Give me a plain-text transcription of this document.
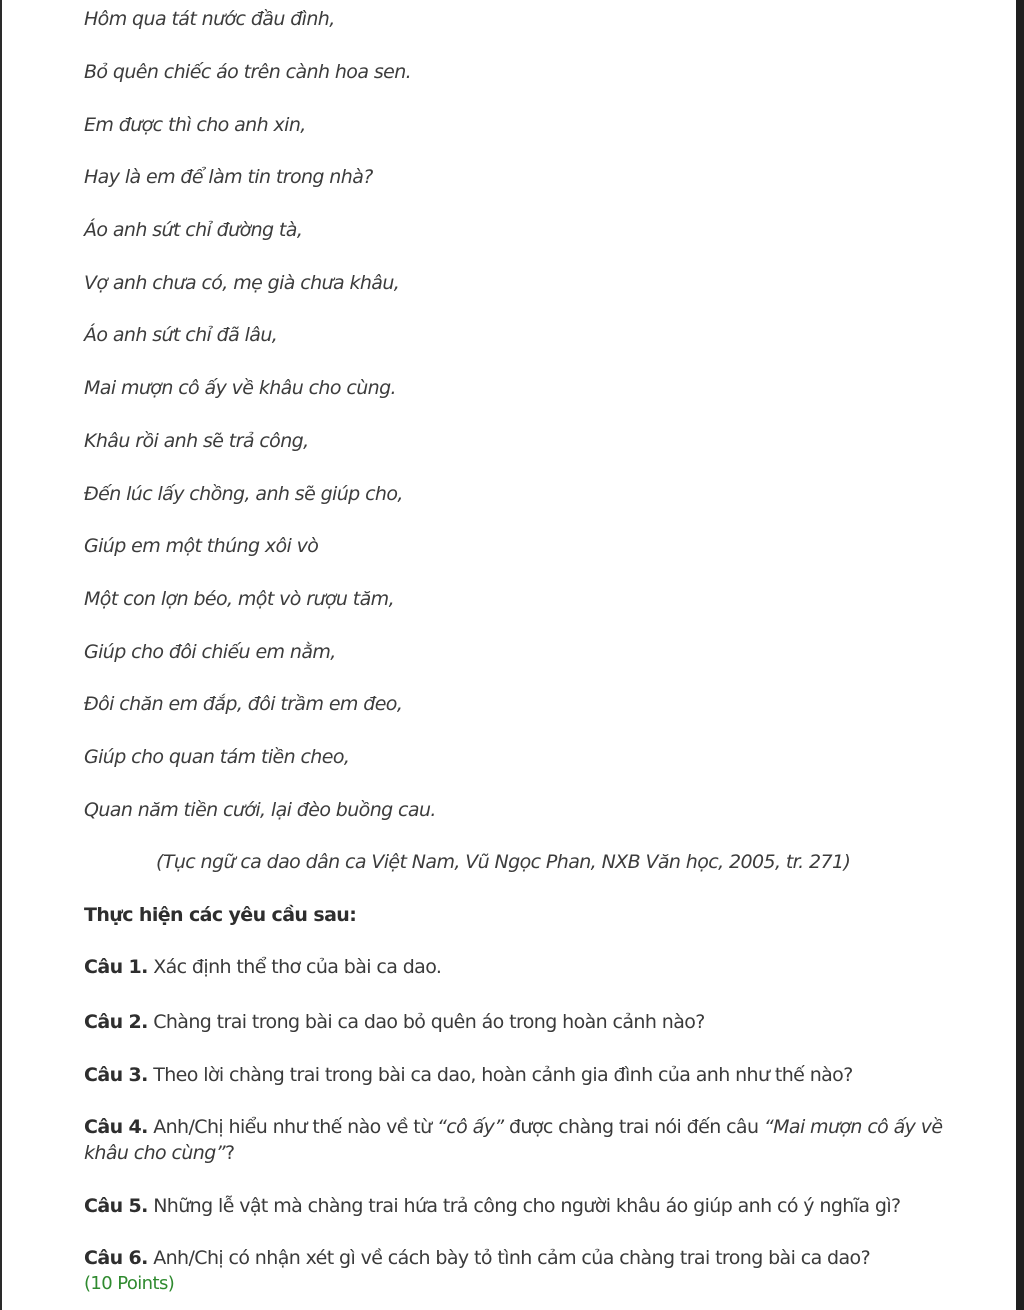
Hôm qua tát nước đầu đình,
Bỏ quên chiếc áo trên cành hoa sen.
Em được thì cho anh xin,
Hay là em để làm tin trong nhà?
Áo anh sứt chỉ đường tà,
Vợ anh chưa có, mẹ già chưa khâu,
Áo anh sứt chỉ đã lâu,
Mai mượn cô ấy về khâu cho cùng.
Khâu rồi anh sẽ trả công,
Đến lúc lấy chồng, anh sẽ giúp cho,
Giúp em một thúng xôi vò
Một con lợn béo, một vò rượu tăm,
Giúp cho đôi chiếu em nằm,
Đôi chăn em đắp, đôi trầm em đeo,
Giúp cho quan tám tiền cheo,
Quan năm tiền cưới, lại đèo buồng cau.
(Tục ngữ ca dao dân ca Việt Nam, Vũ Ngọc Phan, NXB Văn học, 2005, tr. 271)
Thực hiện các yêu cầu sau:
Câu 1. Xác định thể thơ của bài ca dao.
Câu 2. Chàng trai trong bài ca dao bỏ quên áo trong hoàn cảnh nào?
Câu 3. Theo lời chàng trai trong bài ca dao, hoàn cảnh gia đình của anh như thế nào?
Câu 4. Anh/Chị hiểu như thế nào về từ “cô ấy” được chàng trai nói đến câu “Mai mượn cô ấy về khâu cho cùng”?
Câu 5. Những lễ vật mà chàng trai hứa trả công cho người khâu áo giúp anh có ý nghĩa gì?
Câu 6. Anh/Chị có nhận xét gì về cách bày tỏ tình cảm của chàng trai trong bài ca dao?
(10 Points)
